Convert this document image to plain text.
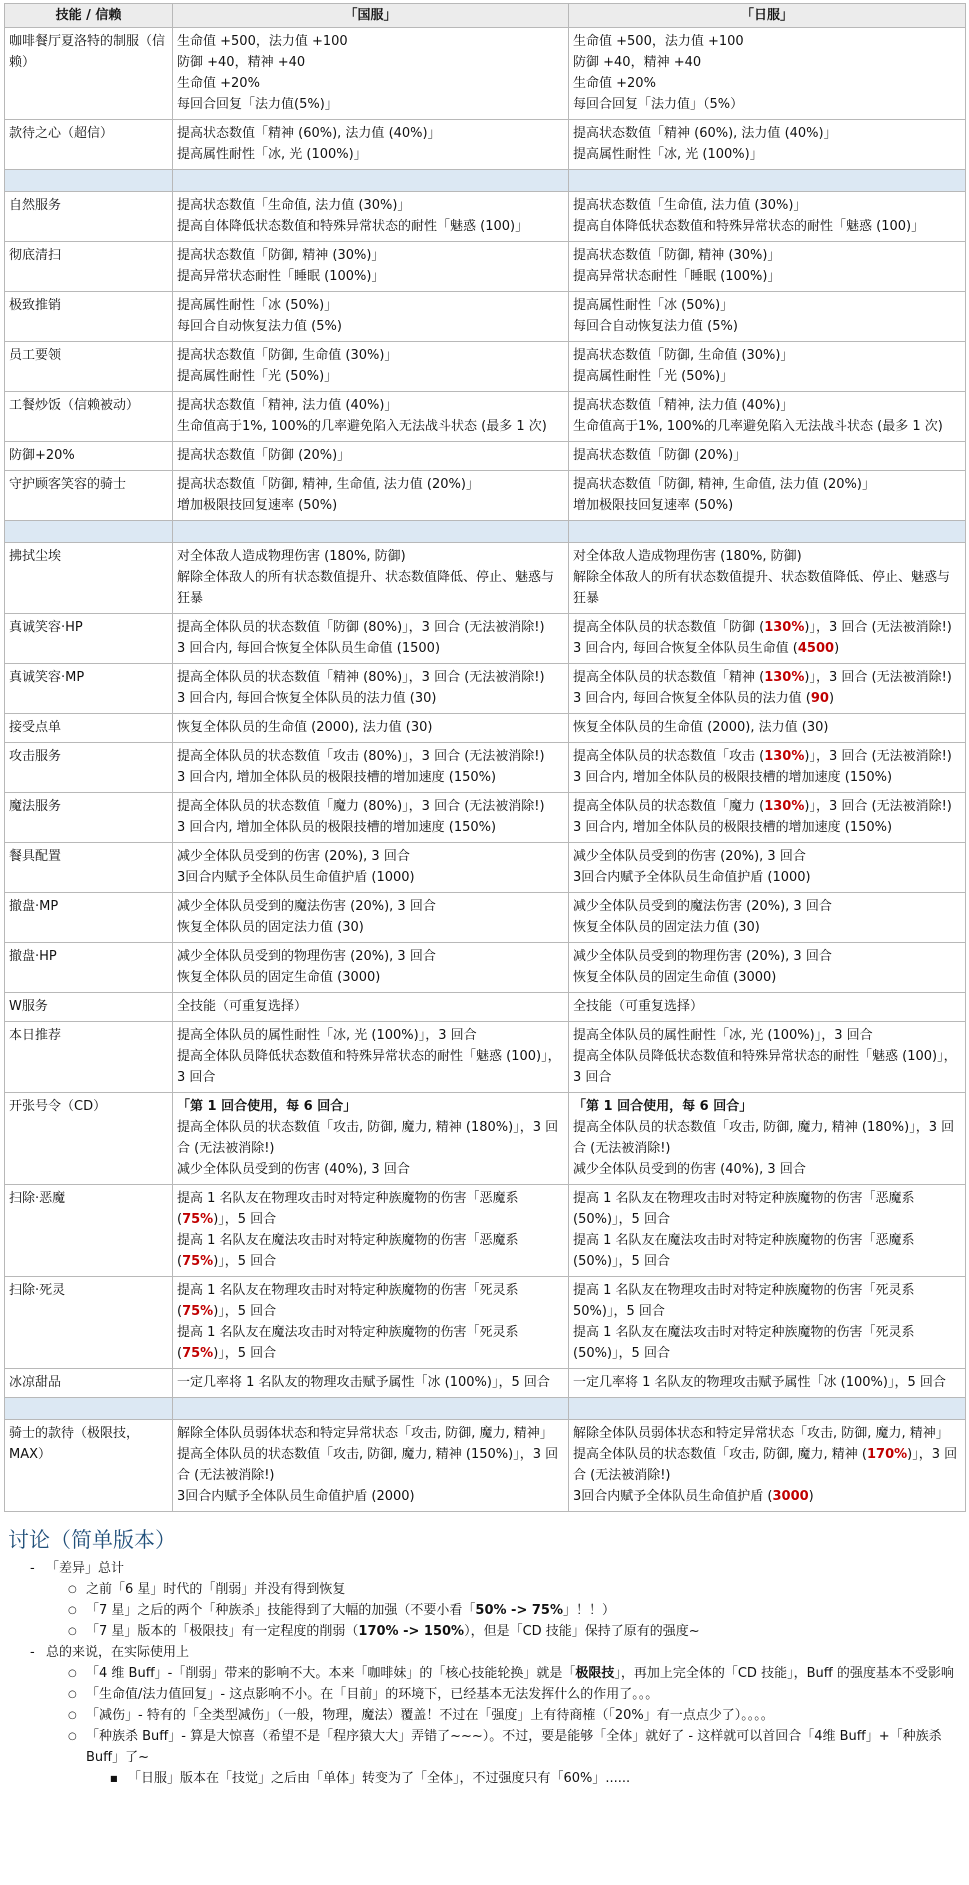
技能 / 信赖	「国服」	「日服」
咖啡餐厅夏洛特的制服（信赖）	生命值 +500，法力值 +100
防御 +40，精神 +40
生命值 +20%
每回合回复「法力值(5%)」	生命值 +500，法力值 +100
防御 +40，精神 +40
生命值 +20%
每回合回复「法力值」（5%）

款待之心（超信）	提高状态数值「精神 (60%), 法力值 (40%)」
提高属性耐性「冰, 光 (100%)」	提高状态数值「精神 (60%), 法力值 (40%)」
提高属性耐性「冰, 光 (100%)」

自然服务	提高状态数值「生命值, 法力值 (30%)」
提高自体降低状态数值和特殊异常状态的耐性「魅惑 (100)」	提高状态数值「生命值, 法力值 (30%)」
提高自体降低状态数值和特殊异常状态的耐性「魅惑 (100)」

彻底清扫	提高状态数值「防御, 精神 (30%)」
提高异常状态耐性「睡眠 (100%)」	提高状态数值「防御, 精神 (30%)」
提高异常状态耐性「睡眠 (100%)」

极致推销	提高属性耐性「冰 (50%)」
每回合自动恢复法力值 (5%)	提高属性耐性「冰 (50%)」
每回合自动恢复法力值 (5%)

员工要领	提高状态数值「防御, 生命值 (30%)」
提高属性耐性「光 (50%)」	提高状态数值「防御, 生命值 (30%)」
提高属性耐性「光 (50%)」

工餐炒饭（信赖被动）	提高状态数值「精神, 法力值 (40%)」
生命值高于1%, 100%的几率避免陷入无法战斗状态 (最多 1 次)	提高状态数值「精神, 法力值 (40%)」
生命值高于1%, 100%的几率避免陷入无法战斗状态 (最多 1 次)

防御+20%	提高状态数值「防御 (20%)」	提高状态数值「防御 (20%)」

守护顾客笑容的骑士	提高状态数值「防御, 精神, 生命值, 法力值 (20%)」
增加极限技回复速率 (50%)	提高状态数值「防御, 精神, 生命值, 法力值 (20%)」
增加极限技回复速率 (50%)

拂拭尘埃	对全体敌人造成物理伤害 (180%, 防御)
解除全体敌人的所有状态数值提升、状态数值降低、停止、魅惑与狂暴	对全体敌人造成物理伤害 (180%, 防御)
解除全体敌人的所有状态数值提升、状态数值降低、停止、魅惑与狂暴

真诚笑容·HP	提高全体队员的状态数值「防御 (80%)」，3 回合 (无法被消除!)
3 回合内, 每回合恢复全体队员生命值 (1500)	提高全体队员的状态数值「防御 (130%)」，3 回合 (无法被消除!)
3 回合内, 每回合恢复全体队员生命值 (4500)

真诚笑容·MP	提高全体队员的状态数值「精神 (80%)」，3 回合 (无法被消除!)
3 回合内, 每回合恢复全体队员的法力值 (30)	提高全体队员的状态数值「精神 (130%)」，3 回合 (无法被消除!)
3 回合内, 每回合恢复全体队员的法力值 (90)

接受点单	恢复全体队员的生命值 (2000), 法力值 (30)	恢复全体队员的生命值 (2000), 法力值 (30)

攻击服务	提高全体队员的状态数值「攻击 (80%)」，3 回合 (无法被消除!)
3 回合内, 增加全体队员的极限技槽的增加速度 (150%)	提高全体队员的状态数值「攻击 (130%)」，3 回合 (无法被消除!)
3 回合内, 增加全体队员的极限技槽的增加速度 (150%)

魔法服务	提高全体队员的状态数值「魔力 (80%)」，3 回合 (无法被消除!)
3 回合内, 增加全体队员的极限技槽的增加速度 (150%)	提高全体队员的状态数值「魔力 (130%)」，3 回合 (无法被消除!)
3 回合内, 增加全体队员的极限技槽的增加速度 (150%)

餐具配置	减少全体队员受到的伤害 (20%), 3 回合
3回合内赋予全体队员生命值护盾 (1000)	减少全体队员受到的伤害 (20%), 3 回合
3回合内赋予全体队员生命值护盾 (1000)

撤盘·MP	减少全体队员受到的魔法伤害 (20%), 3 回合
恢复全体队员的固定法力值 (30)	减少全体队员受到的魔法伤害 (20%), 3 回合
恢复全体队员的固定法力值 (30)

撤盘·HP	减少全体队员受到的物理伤害 (20%), 3 回合
恢复全体队员的固定生命值 (3000)	减少全体队员受到的物理伤害 (20%), 3 回合
恢复全体队员的固定生命值 (3000)

W服务	全技能（可重复选择）	全技能（可重复选择）

本日推荐	提高全体队员的属性耐性「冰, 光 (100%)」，3 回合
提高全体队员降低状态数值和特殊异常状态的耐性「魅惑 (100)」，3 回合	提高全体队员的属性耐性「冰, 光 (100%)」，3 回合
提高全体队员降低状态数值和特殊异常状态的耐性「魅惑 (100)」，3 回合

开张号令（CD）	「第 1 回合使用，每 6 回合」
提高全体队员的状态数值「攻击, 防御, 魔力, 精神 (180%)」，3 回合 (无法被消除!)
减少全体队员受到的伤害 (40%), 3 回合	「第 1 回合使用，每 6 回合」
提高全体队员的状态数值「攻击, 防御, 魔力, 精神 (180%)」，3 回合 (无法被消除!)
减少全体队员受到的伤害 (40%), 3 回合

扫除·恶魔	提高 1 名队友在物理攻击时对特定种族魔物的伤害「恶魔系 (75%)」，5 回合
提高 1 名队友在魔法攻击时对特定种族魔物的伤害「恶魔系 (75%)」，5 回合	提高 1 名队友在物理攻击时对特定种族魔物的伤害「恶魔系 (50%)」，5 回合
提高 1 名队友在魔法攻击时对特定种族魔物的伤害「恶魔系 (50%)」，5 回合

扫除·死灵	提高 1 名队友在物理攻击时对特定种族魔物的伤害「死灵系 (75%)」，5 回合
提高 1 名队友在魔法攻击时对特定种族魔物的伤害「死灵系 (75%)」，5 回合	提高 1 名队友在物理攻击时对特定种族魔物的伤害「死灵系 50%)」，5 回合
提高 1 名队友在魔法攻击时对特定种族魔物的伤害「死灵系 (50%)」，5 回合

冰凉甜品	一定几率将 1 名队友的物理攻击赋予属性「冰 (100%)」，5 回合	一定几率将 1 名队友的物理攻击赋予属性「冰 (100%)」，5 回合

骑士的款待（极限技，MAX）	解除全体队员弱体状态和特定异常状态「攻击, 防御, 魔力, 精神」
提高全体队员的状态数值「攻击, 防御, 魔力, 精神 (150%)」，3 回合 (无法被消除!)
3回合内赋予全体队员生命值护盾 (2000)	解除全体队员弱体状态和特定异常状态「攻击, 防御, 魔力, 精神」
提高全体队员的状态数值「攻击, 防御, 魔力, 精神 (170%)」，3 回合 (无法被消除!)
3回合内赋予全体队员生命值护盾 (3000)
讨论（简单版本）
- 「差异」总计
○ 之前「6 星」时代的「削弱」并没有得到恢复
○ 「7 星」之后的两个「种族杀」技能得到了大幅的加强（不要小看「50% -> 75%」！！）
○ 「7 星」版本的「极限技」有一定程度的削弱（170% -> 150%），但是「CD 技能」保持了原有的强度~
- 总的来说，在实际使用上
○ 「4 维 Buff」-「削弱」带来的影响不大。本来「咖啡妹」的「核心技能轮换」就是「极限技」，再加上完全体的「CD 技能」，Buff 的强度基本不受影响
○ 「生命值/法力值回复」- 这点影响不小。在「目前」的环境下，已经基本无法发挥什么的作用了。。。
○ 「减伤」- 特有的「全类型减伤」（一般，物理，魔法）覆盖！不过在「强度」上有待商榷（「20%」有一点点少了）。。。。
○ 「种族杀 Buff」- 算是大惊喜（希望不是「程序猿大大」弄错了~~~）。不过，要是能够「全体」就好了 - 这样就可以首回合「4维 Buff」+「种族杀 Buff」了~
■ 「日服」版本在「技觉」之后由「单体」转变为了「全体」，不过强度只有「60%」......
